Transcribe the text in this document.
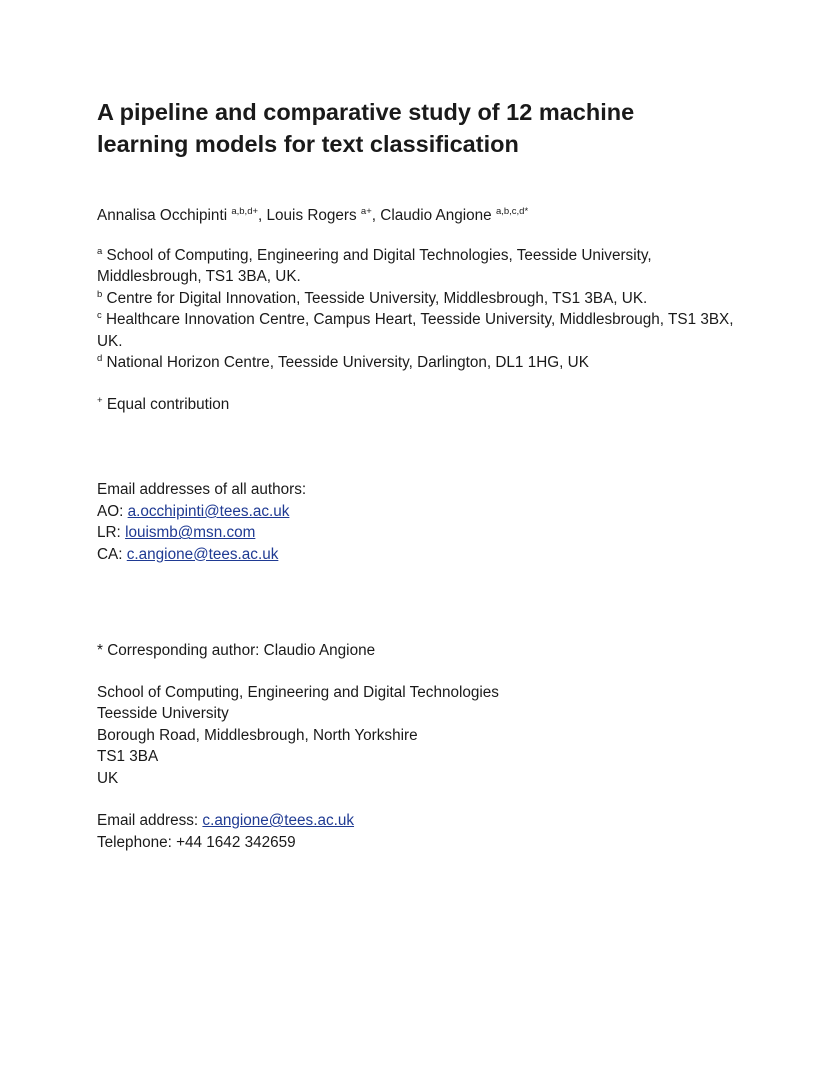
A pipeline and comparative study of 12 machine
learning models for text classification
Annalisa Occhipinti $^{a,b,d+}$, Louis Rogers $^{a+}$, Claudio Angione $^{a,b,c,d*}$
$^a$ School of Computing, Engineering and Digital Technologies, Teesside University, Middlesbrough, TS1 3BA, UK.
$^b$ Centre for Digital Innovation, Teesside University, Middlesbrough, TS1 3BA, UK.
$^c$ Healthcare Innovation Centre, Campus Heart, Teesside University, Middlesbrough, TS1 3BX, UK.
$^d$ National Horizon Centre, Teesside University, Darlington, DL1 1HG, UK
+ Equal contribution
Email addresses of all authors:
AO: a.occhipinti@tees.ac.uk
LR: louismb@msn.com
CA: c.angione@tees.ac.uk
* Corresponding author: Claudio Angione
School of Computing, Engineering and Digital Technologies
Teesside University
Borough Road, Middlesbrough, North Yorkshire
TS1 3BA
UK
Email address: c.angione@tees.ac.uk
Telephone: +44 1642 342659
